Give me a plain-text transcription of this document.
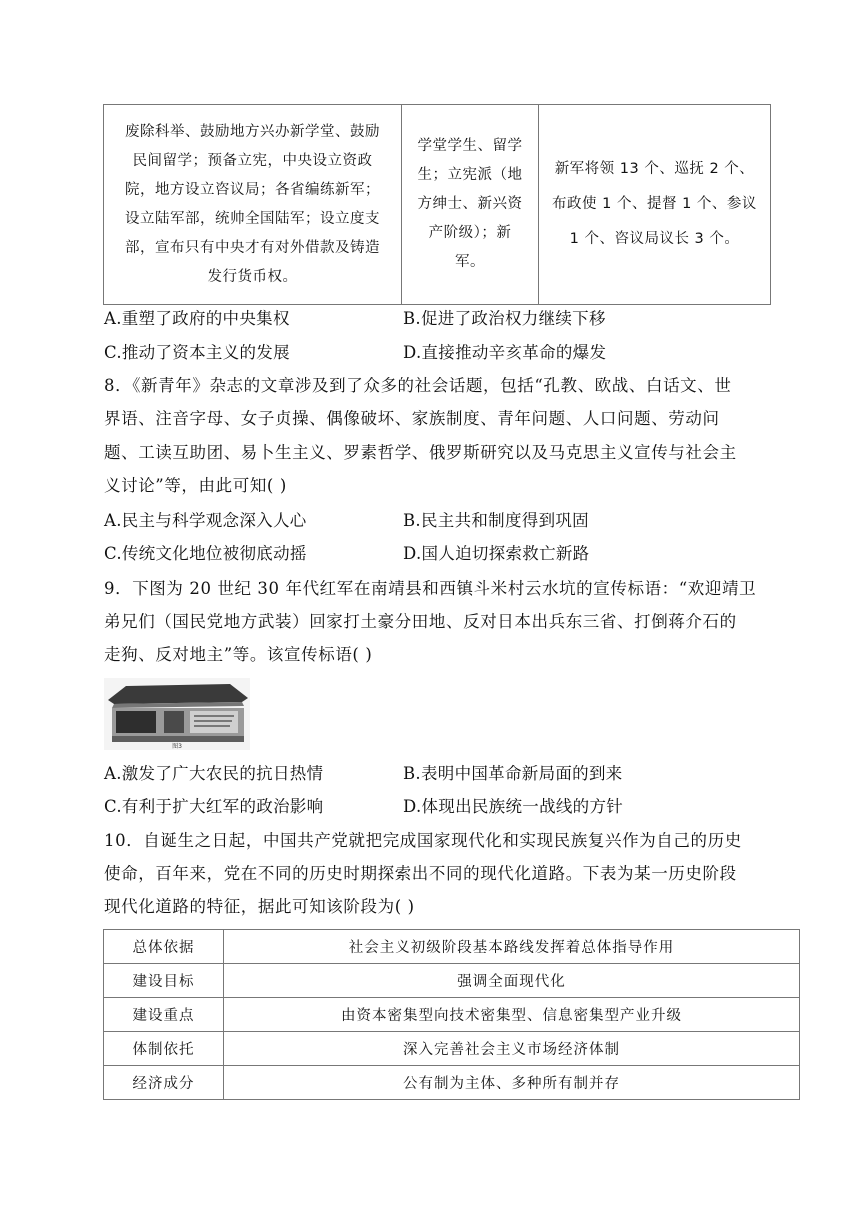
废除科举、鼓励地方兴办新学堂、鼓励
民间留学；预备立宪，中央设立资政
院，地方设立咨议局；各省编练新军；
设立陆军部，统帅全国陆军；设立度支
部，宣布只有中央才有对外借款及铸造
发行货币权。

学堂学生、留学
生；立宪派（地
方绅士、新兴资
产阶级）；新
军。

新军将领 13 个、巡抚 2 个、
布政使 1 个、提督 1 个、参议
1 个、咨议局议长 3 个。
A.重塑了政府的中央集权	B.促进了政治权力继续下移
C.推动了资本主义的发展	D.直接推动辛亥革命的爆发
8．《新青年》杂志的文章涉及到了众多的社会话题，包括“孔教、欧战、白话文、世
界语、注音字母、女子贞操、偶像破坏、家族制度、青年问题、人口问题、劳动问
题、工读互助团、易卜生主义、罗素哲学、俄罗斯研究以及马克思主义宣传与社会主
义讨论”等，由此可知( )
A.民主与科学观念深入人心	B.民主共和制度得到巩固
C.传统文化地位被彻底动摇	D.国人迫切探索救亡新路
9．下图为 20 世纪 30 年代红军在南靖县和西镇斗米村云水坑的宣传标语：“欢迎靖卫
弟兄们（国民党地方武装）回家打土豪分田地、反对日本出兵东三省、打倒蒋介石的
走狗、反对地主”等。该宣传标语( )
图3
A.激发了广大农民的抗日热情	B.表明中国革命新局面的到来
C.有利于扩大红军的政治影响	D.体现出民族统一战线的方针
10．自诞生之日起，中国共产党就把完成国家现代化和实现民族复兴作为自己的历史
使命，百年来，党在不同的历史时期探索出不同的现代化道路。下表为某一历史阶段
现代化道路的特征，据此可知该阶段为( )
总体依据	社会主义初级阶段基本路线发挥着总体指导作用
建设目标	强调全面现代化
建设重点	由资本密集型向技术密集型、信息密集型产业升级
体制依托	深入完善社会主义市场经济体制
经济成分	公有制为主体、多种所有制并存
